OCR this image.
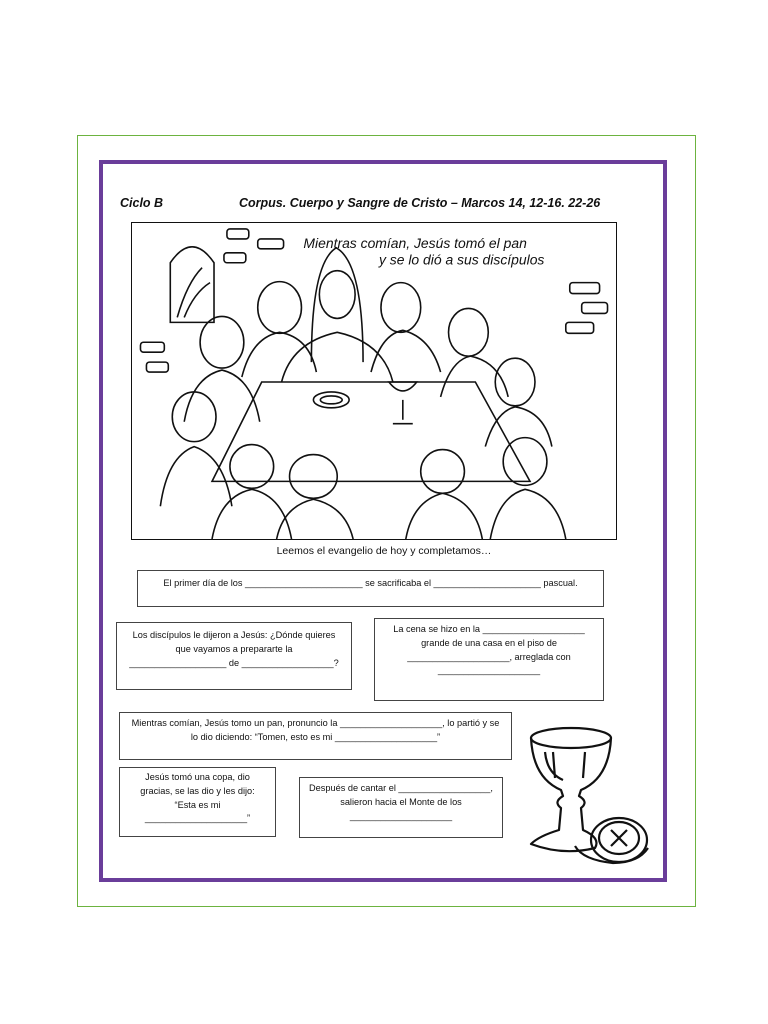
Ciclo B	Corpus. Cuerpo y Sangre de Cristo – Marcos 14, 12-16. 22-26
Mientras comían, Jesús tomó el pan
y se lo dió a sus discípulos
Leemos el evangelio de hoy y completamos…

El primer día de los _______________________ se sacrificaba el _____________________ pascual.

Los discípulos le dijeron a Jesús: ¿Dónde quieres

que vayamos a prepararte la

___________________ de __________________?

La cena se hizo en la ____________________

grande de una casa en el piso de

____________________, arreglada con

____________________

Mientras comían, Jesús tomo un pan, pronuncio la ____________________, lo partió y se

lo dio diciendo: “Tomen, esto es mi ____________________”

Jesús tomó una copa, dio

gracias, se las dio y les dijo:

“Esta es mi

____________________”

Después de cantar el __________________,

salieron hacia el Monte de los

____________________
